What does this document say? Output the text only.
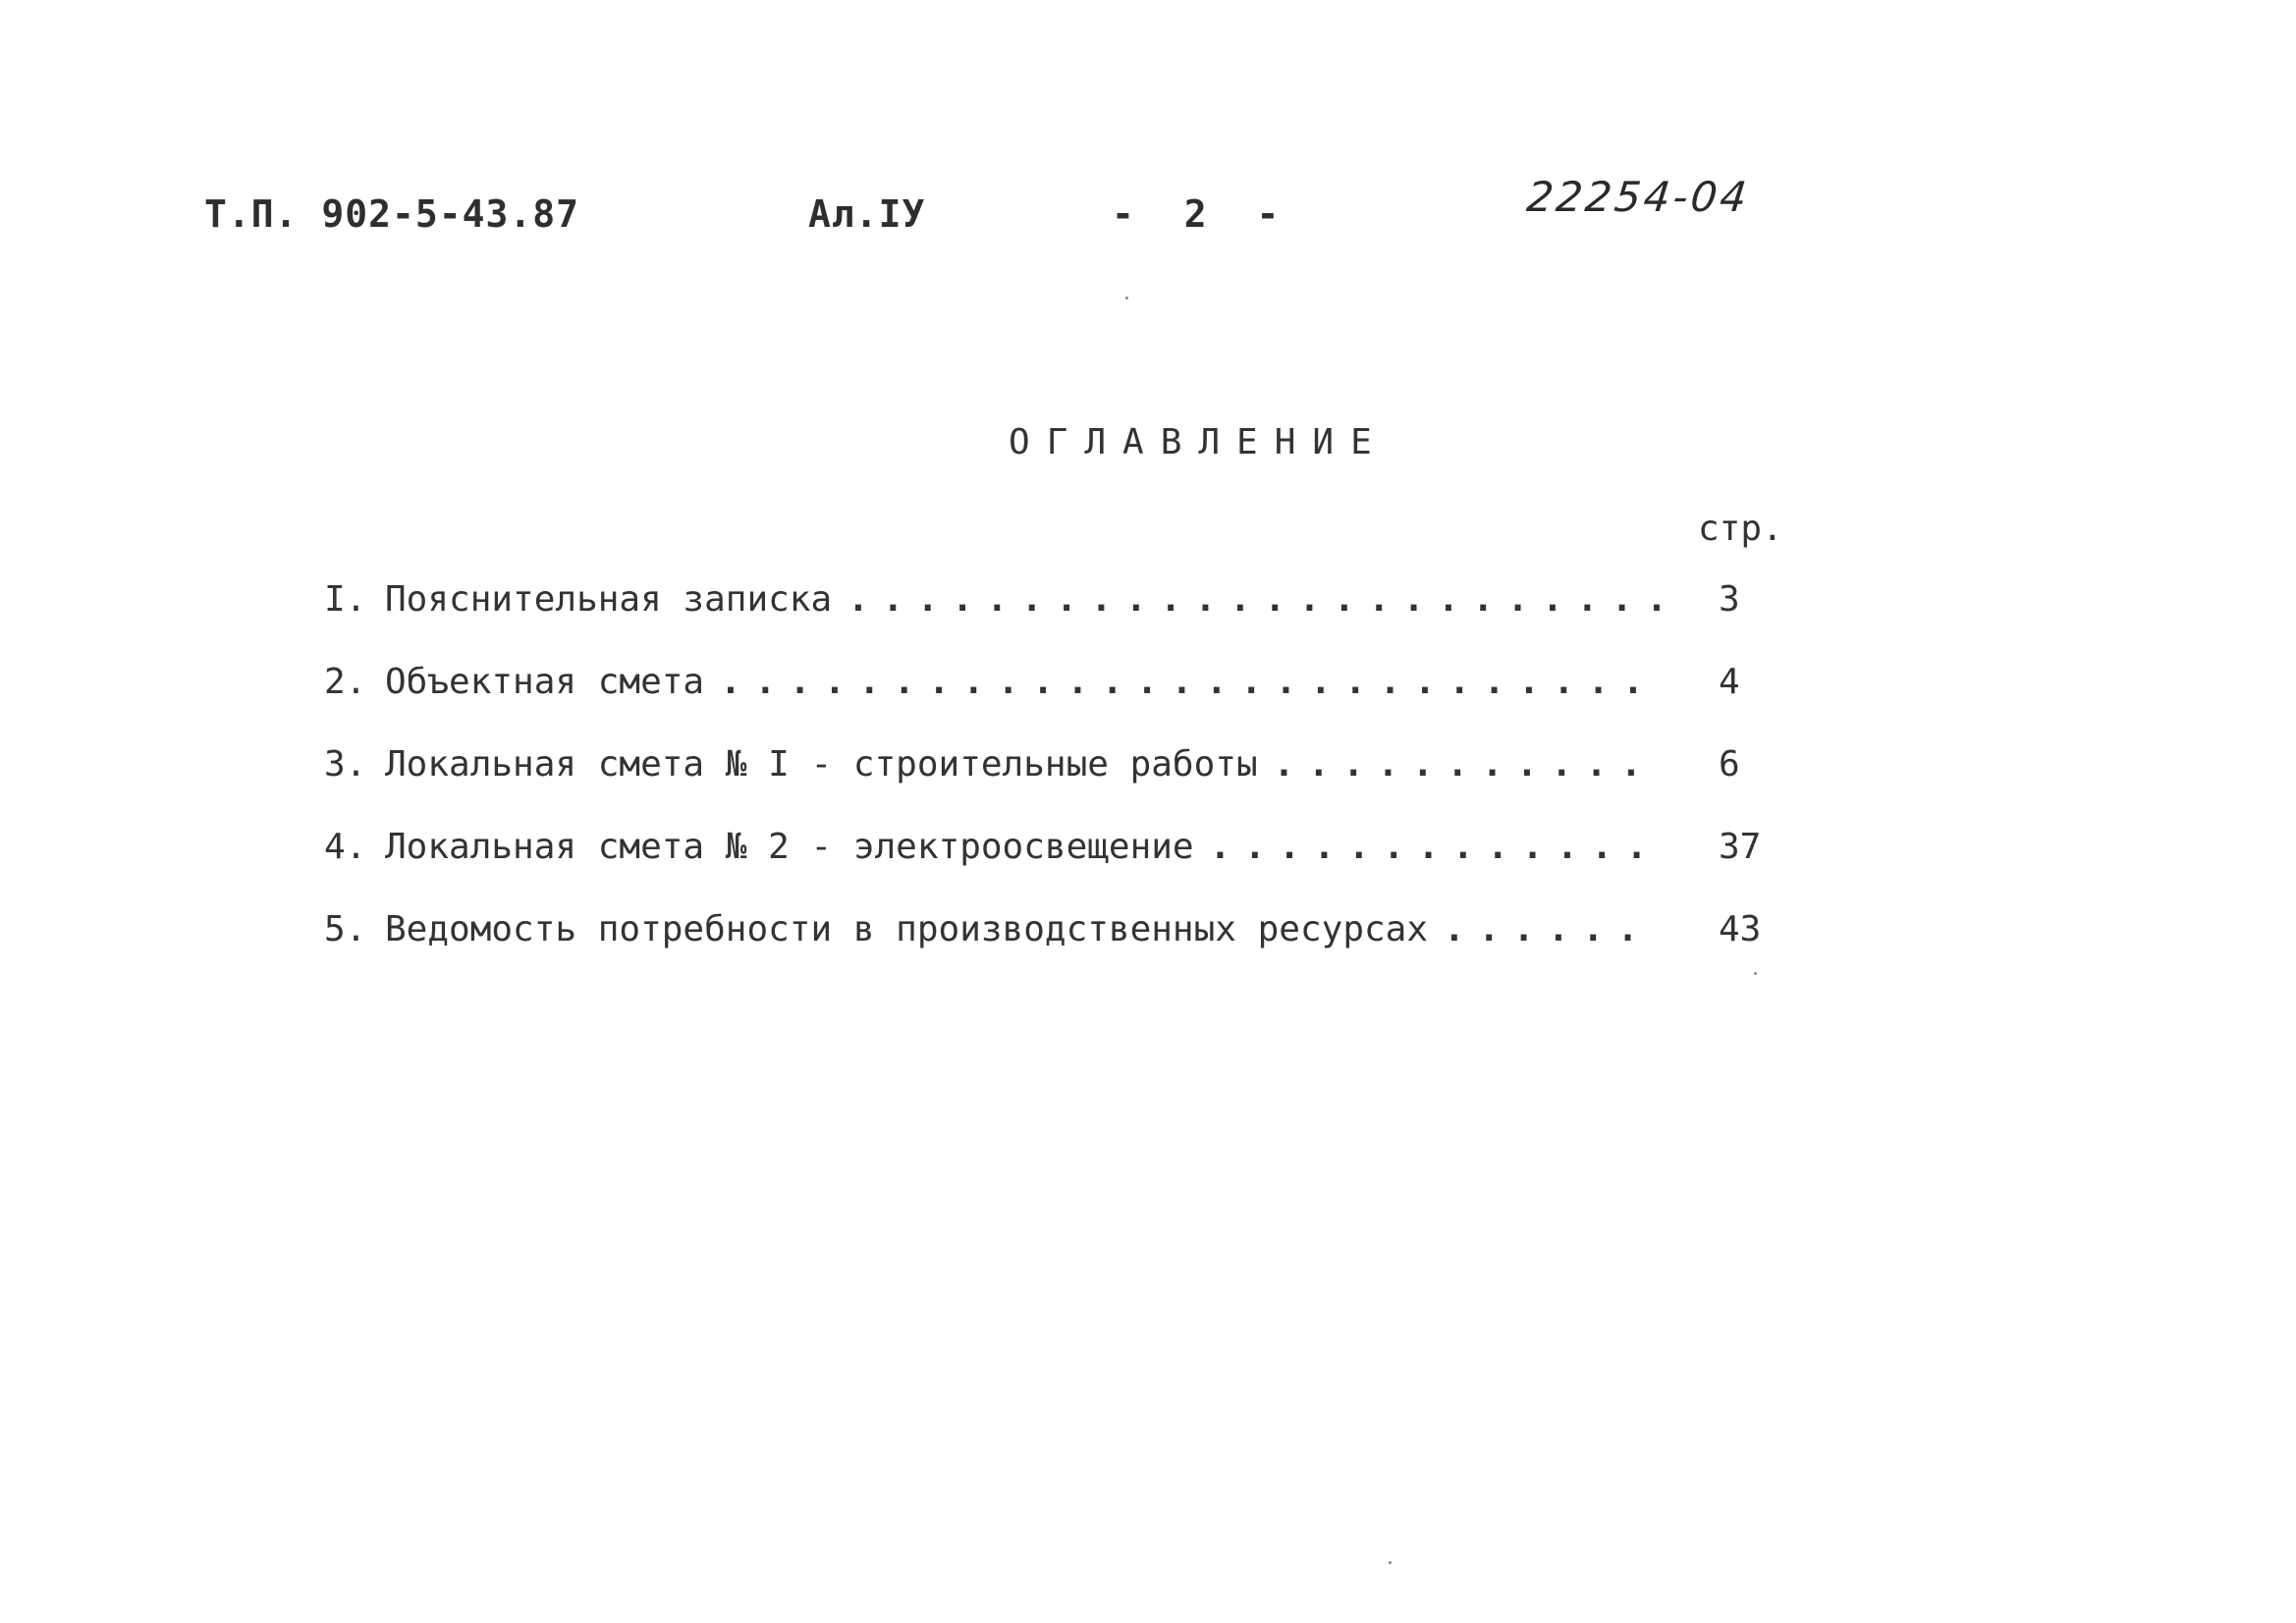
Т.П. 902-5-43.87	Ал.IУ	- 2 -	22254-04
ОГЛАВЛЕНИЕ
стр.
I. Пояснительная записка . . .	3
2. Объектная смета . . .	4
3. Локальная смета № I - строительные работы . . .	6
4. Локальная смета № 2 - электроосвещение . . .	37
5. Ведомость потребности в производственных ресурсах . . .	43
